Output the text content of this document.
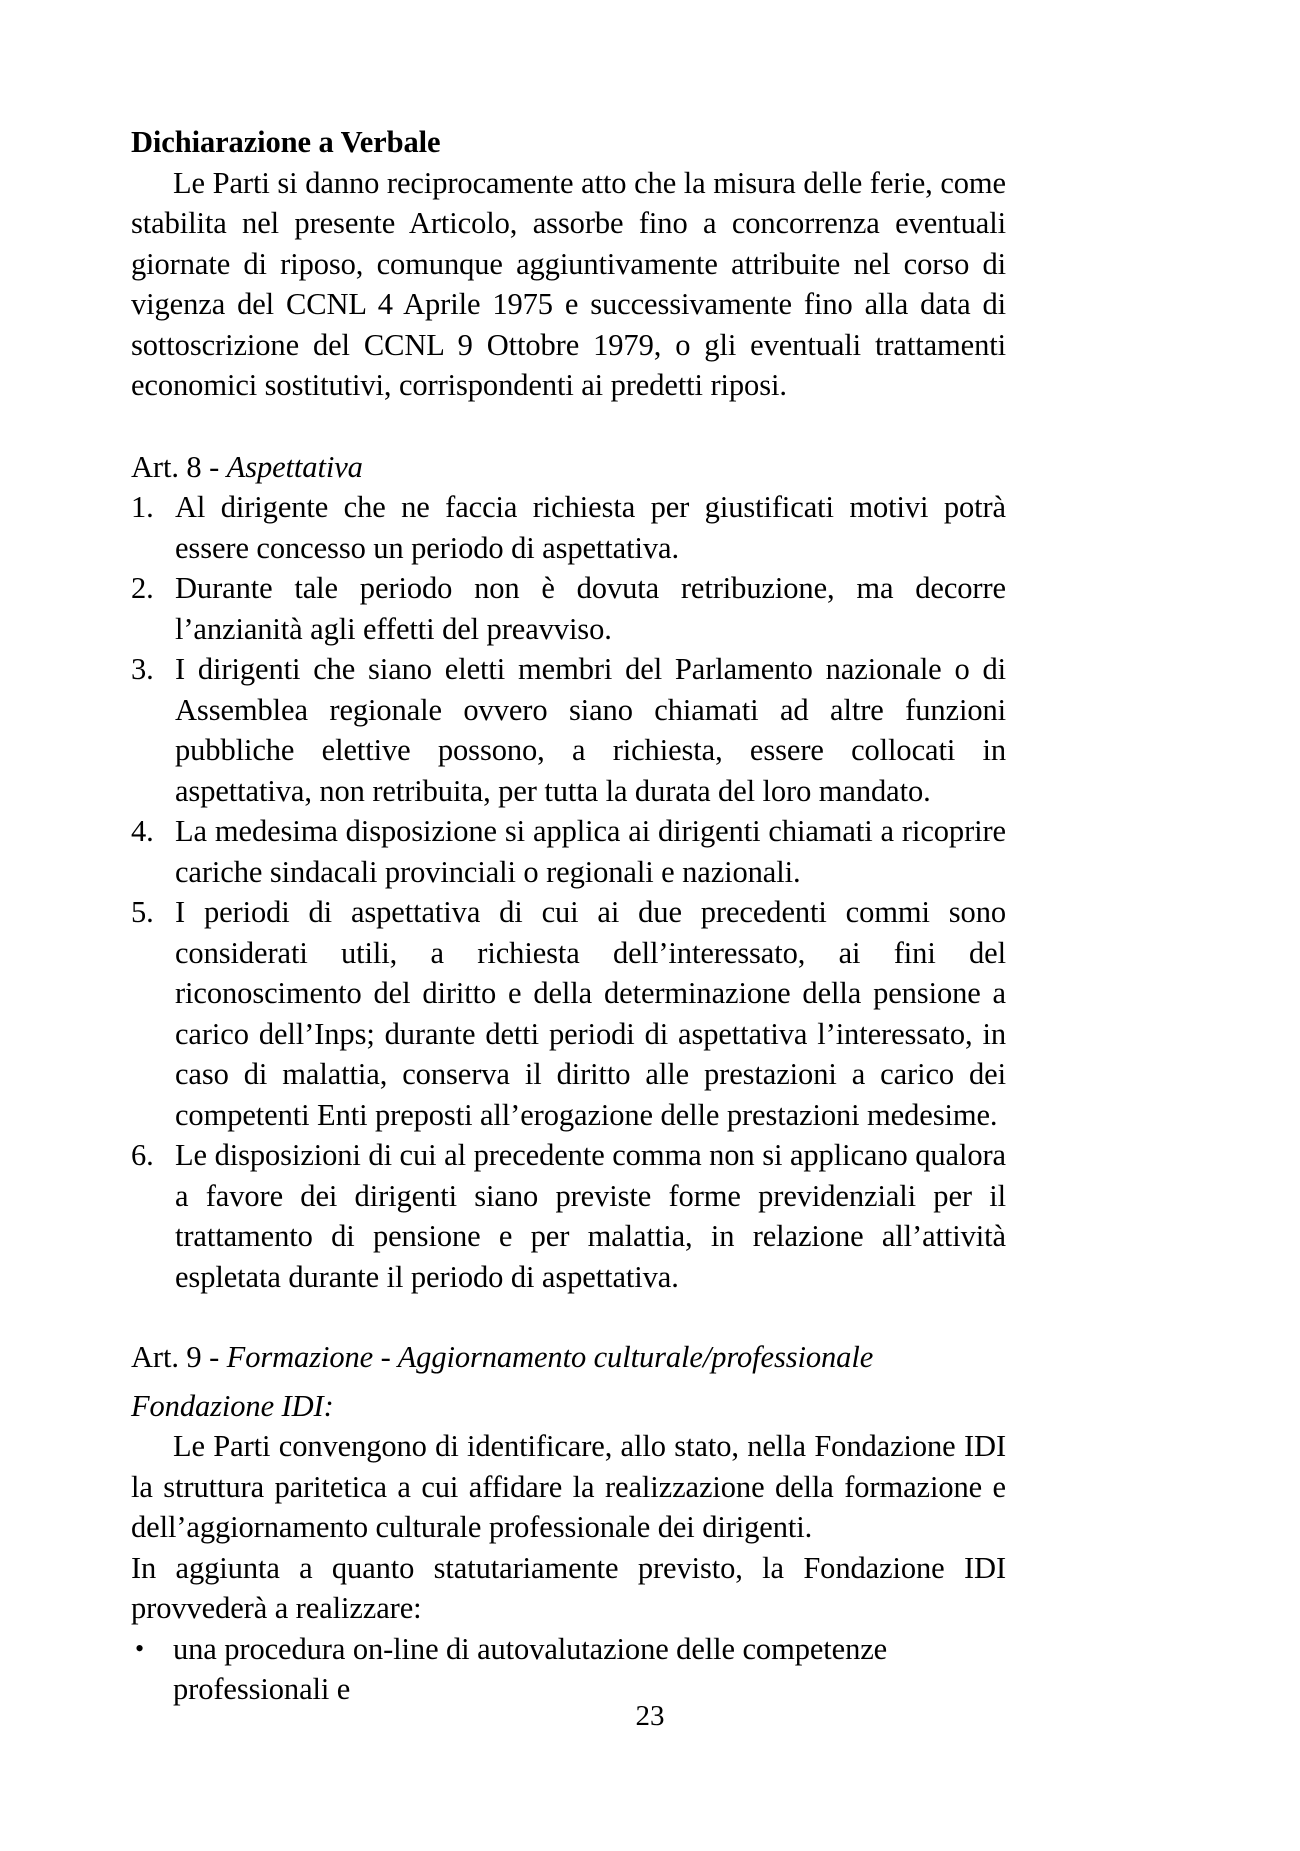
Dichiarazione a Verbale

Le Parti si danno reciprocamente atto che la misura delle ferie, come stabilita nel presente Articolo, assorbe fino a concorrenza eventuali giornate di riposo, comunque aggiuntivamente attribuite nel corso di vigenza del CCNL 4 Aprile 1975 e successivamente fino alla data di sottoscrizione del CCNL 9 Ottobre 1979, o gli eventuali trattamenti economici sostitutivi, corrispondenti ai predetti riposi.

Art. 8 - Aspettativa

1. Al dirigente che ne faccia richiesta per giustificati motivi potrà essere concesso un periodo di aspettativa.
2. Durante tale periodo non è dovuta retribuzione, ma decorre l’anzianità agli effetti del preavviso.
3. I dirigenti che siano eletti membri del Parlamento nazionale o di Assemblea regionale ovvero siano chiamati ad altre funzioni pubbliche elettive possono, a richiesta, essere collocati in aspettativa, non retribuita, per tutta la durata del loro mandato.
4. La medesima disposizione si applica ai dirigenti chiamati a ricoprire cariche sindacali provinciali o regionali e nazionali.
5. I periodi di aspettativa di cui ai due precedenti commi sono considerati utili, a richiesta dell’interessato, ai fini del riconoscimento del diritto e della determinazione della pensione a carico dell’Inps; durante detti periodi di aspettativa l’interessato, in caso di malattia, conserva il diritto alle prestazioni a carico dei competenti Enti preposti all’erogazione delle prestazioni medesime.
6. Le disposizioni di cui al precedente comma non si applicano qualora a favore dei dirigenti siano previste forme previdenziali per il trattamento di pensione e per malattia, in relazione all’attività espletata durante il periodo di aspettativa.

Art. 9 - Formazione - Aggiornamento culturale/professionale

Fondazione IDI:

Le Parti convengono di identificare, allo stato, nella Fondazione IDI la struttura paritetica a cui affidare la realizzazione della formazione e dell’aggiornamento culturale professionale dei dirigenti.

In aggiunta a quanto statutariamente previsto, la Fondazione IDI provvederà a realizzare:

• una procedura on-line di autovalutazione delle competenze professionali e
23
